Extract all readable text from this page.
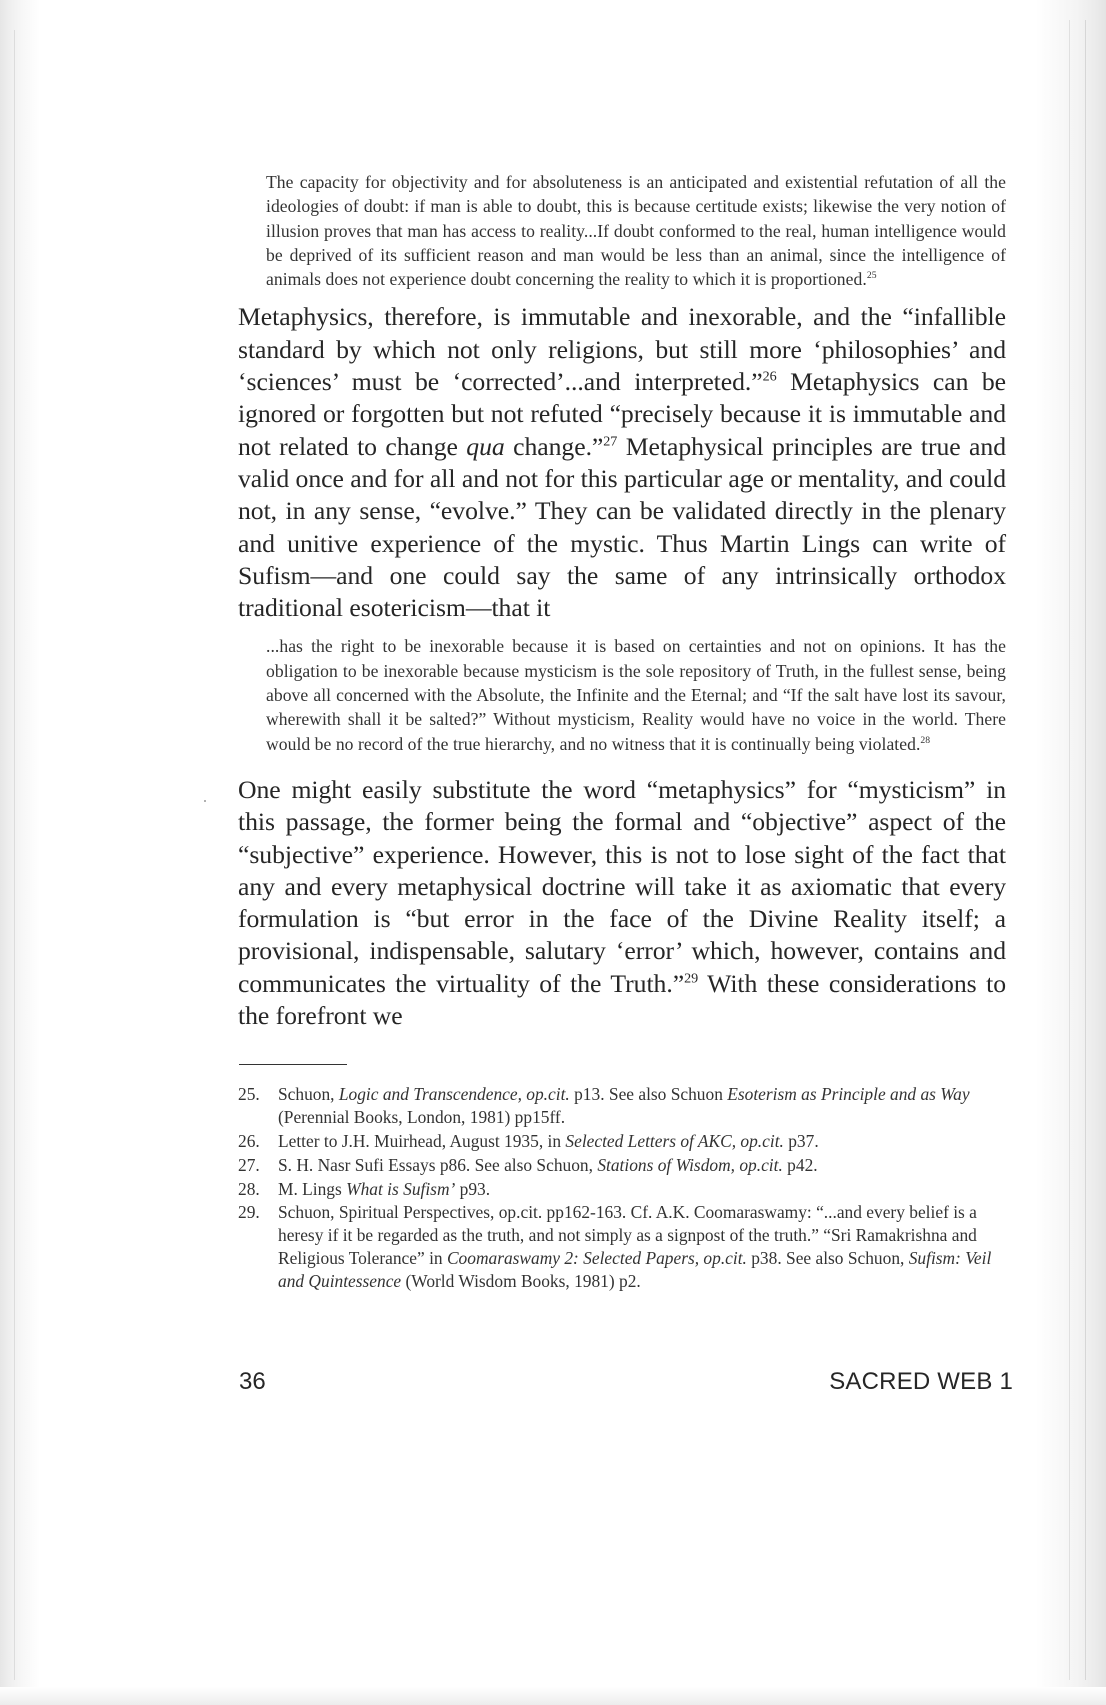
The capacity for objectivity and for absoluteness is an anticipated and existential refutation of all the ideologies of doubt: if man is able to doubt, this is because certitude exists; likewise the very notion of illusion proves that man has access to reality...If doubt conformed to the real, human intelligence would be deprived of its sufficient reason and man would be less than an animal, since the intelligence of animals does not experience doubt concerning the reality to which it is proportioned.$^{25}$

Metaphysics, therefore, is immutable and inexorable, and the “infallible standard by which not only religions, but still more ‘philosophies’ and ‘sciences’ must be ‘corrected’...and interpreted.”$^{26}$ Metaphysics can be ignored or forgotten but not refuted “precisely because it is immutable and not related to change qua change.”$^{27}$ Metaphysical principles are true and valid once and for all and not for this particular age or mentality, and could not, in any sense, “evolve.” They can be validated directly in the plenary and unitive experience of the mystic. Thus Martin Lings can write of Sufism—and one could say the same of any intrinsically orthodox traditional esotericism—that it

...has the right to be inexorable because it is based on certainties and not on opinions. It has the obligation to be inexorable because mysticism is the sole repository of Truth, in the fullest sense, being above all concerned with the Absolute, the Infinite and the Eternal; and “If the salt have lost its savour, wherewith shall it be salted?” Without mysticism, Reality would have no voice in the world. There would be no record of the true hierarchy, and no witness that it is continually being violated.$^{28}$

One might easily substitute the word “metaphysics” for “mysticism” in this passage, the former being the formal and “objective” aspect of the “subjective” experience. However, this is not to lose sight of the fact that any and every metaphysical doctrine will take it as axiomatic that every formulation is “but error in the face of the Divine Reality itself; a provisional, indispensable, salutary ‘error’ which, however, contains and communicates the virtuality of the Truth.”$^{29}$ With these considerations to the forefront we

25. Schuon, Logic and Transcendence, op.cit. p13. See also Schuon Esoterism as Principle and as Way (Perennial Books, London, 1981) pp15ff.
26. Letter to J.H. Muirhead, August 1935, in Selected Letters of AKC, op.cit. p37.
27. S. H. Nasr Sufi Essays p86. See also Schuon, Stations of Wisdom, op.cit. p42.
28. M. Lings What is Sufism’ p93.
29. Schuon, Spiritual Perspectives, op.cit. pp162-163. Cf. A.K. Coomaraswamy: “...and every belief is a heresy if it be regarded as the truth, and not simply as a signpost of the truth.” “Sri Ramakrishna and Religious Tolerance” in Coomaraswamy 2: Selected Papers, op.cit. p38. See also Schuon, Sufism: Veil and Quintessence (World Wisdom Books, 1981) p2.
36	SACRED WEB 1
